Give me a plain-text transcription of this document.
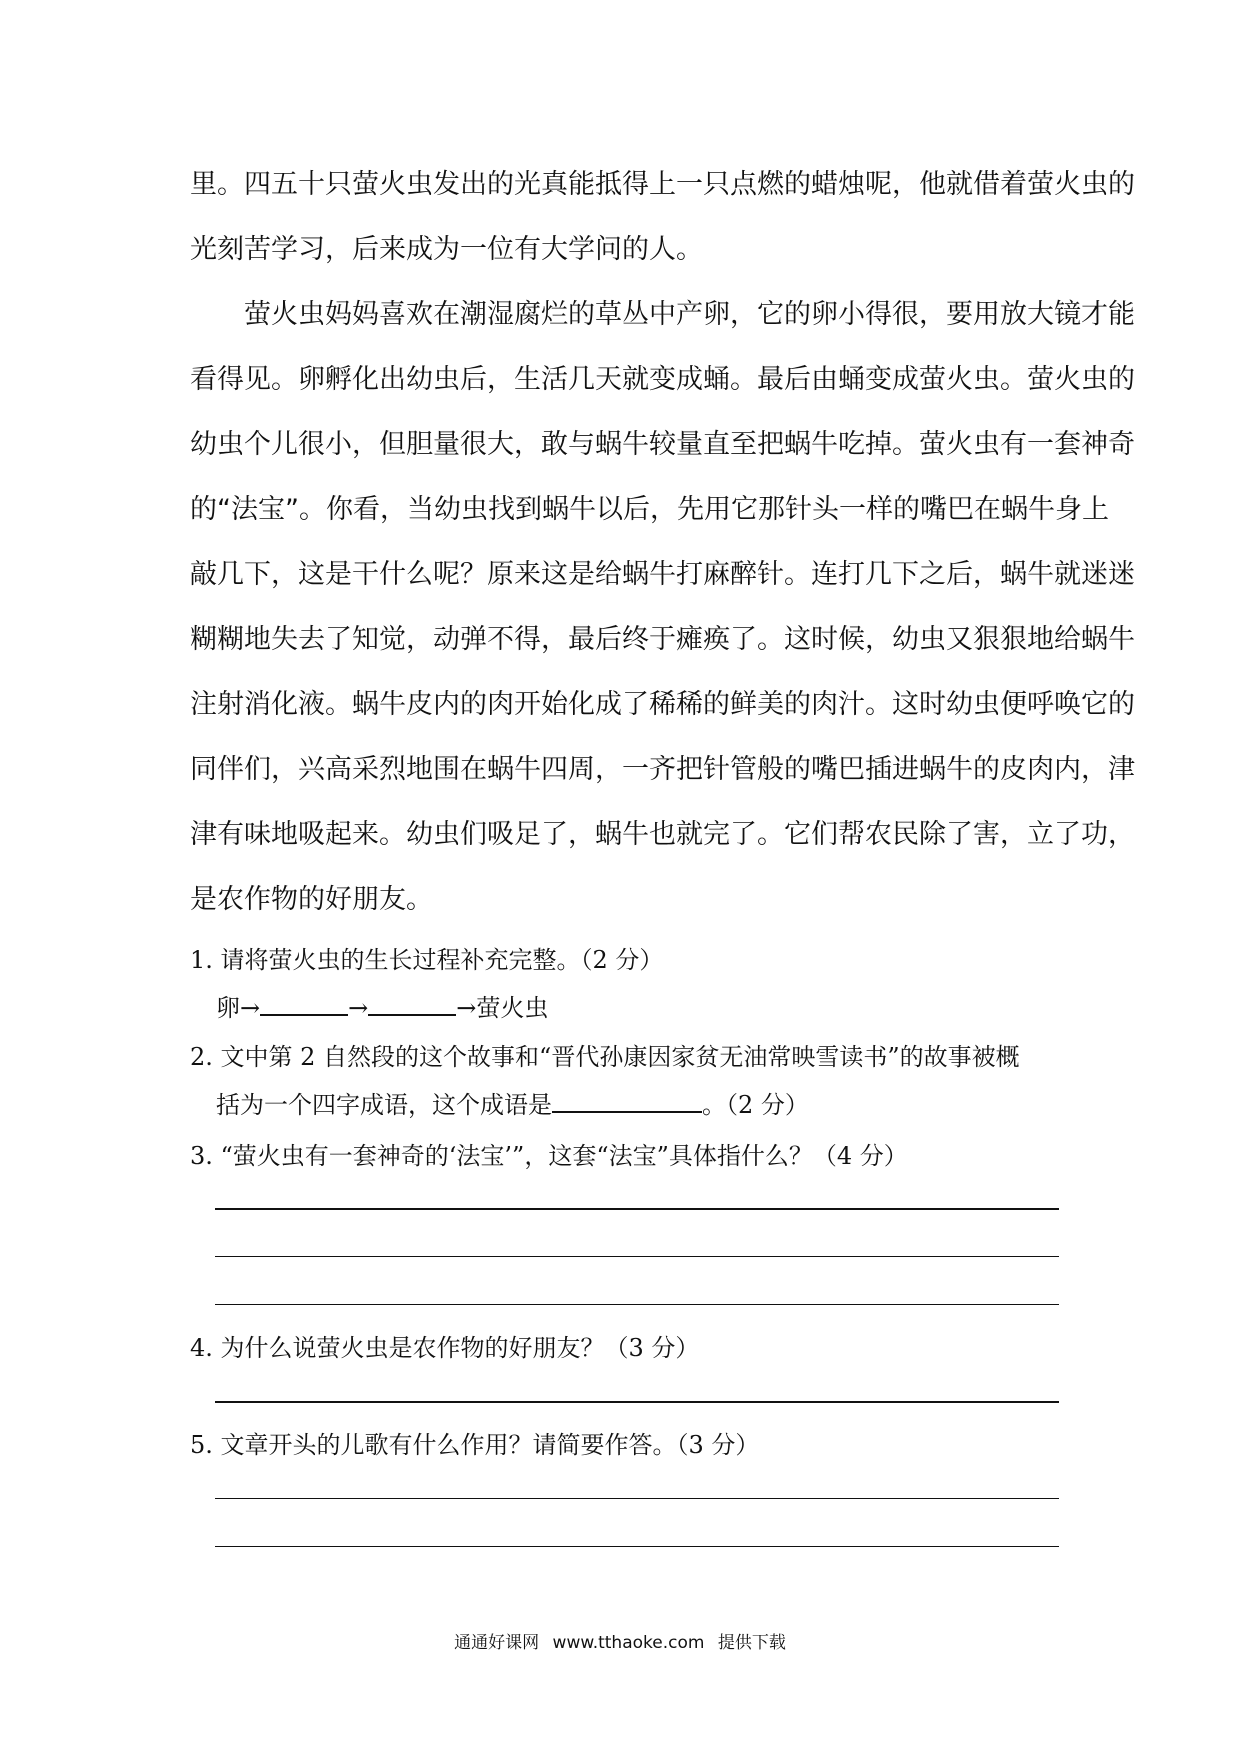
里。四五十只萤火虫发出的光真能抵得上一只点燃的蜡烛呢，他就借着萤火虫的
光刻苦学习，后来成为一位有大学问的人。
萤火虫妈妈喜欢在潮湿腐烂的草丛中产卵，它的卵小得很，要用放大镜才能
看得见。卵孵化出幼虫后，生活几天就变成蛹。最后由蛹变成萤火虫。萤火虫的
幼虫个儿很小，但胆量很大，敢与蜗牛较量直至把蜗牛吃掉。萤火虫有一套神奇
的“法宝”。你看，当幼虫找到蜗牛以后，先用它那针头一样的嘴巴在蜗牛身上
敲几下，这是干什么呢？原来这是给蜗牛打麻醉针。连打几下之后，蜗牛就迷迷
糊糊地失去了知觉，动弹不得，最后终于瘫痪了。这时候，幼虫又狠狠地给蜗牛
注射消化液。蜗牛皮内的肉开始化成了稀稀的鲜美的肉汁。这时幼虫便呼唤它的
同伴们，兴高采烈地围在蜗牛四周，一齐把针管般的嘴巴插进蜗牛的皮肉内，津
津有味地吸起来。幼虫们吸足了，蜗牛也就完了。它们帮农民除了害，立了功，
是农作物的好朋友。
1. 请将萤火虫的生长过程补充完整。（2 分）
卵→	→	→萤火虫
2. 文中第 2 自然段的这个故事和“晋代孙康因家贫无油常映雪读书”的故事被概
括为一个四字成语，这个成语是	。（2 分）
3. “萤火虫有一套神奇的‘法宝’”，这套“法宝”具体指什么？（4 分）
4. 为什么说萤火虫是农作物的好朋友？（3 分）
5. 文章开头的儿歌有什么作用？请简要作答。（3 分）
通通好课网 www.tthaoke.com 提供下载
